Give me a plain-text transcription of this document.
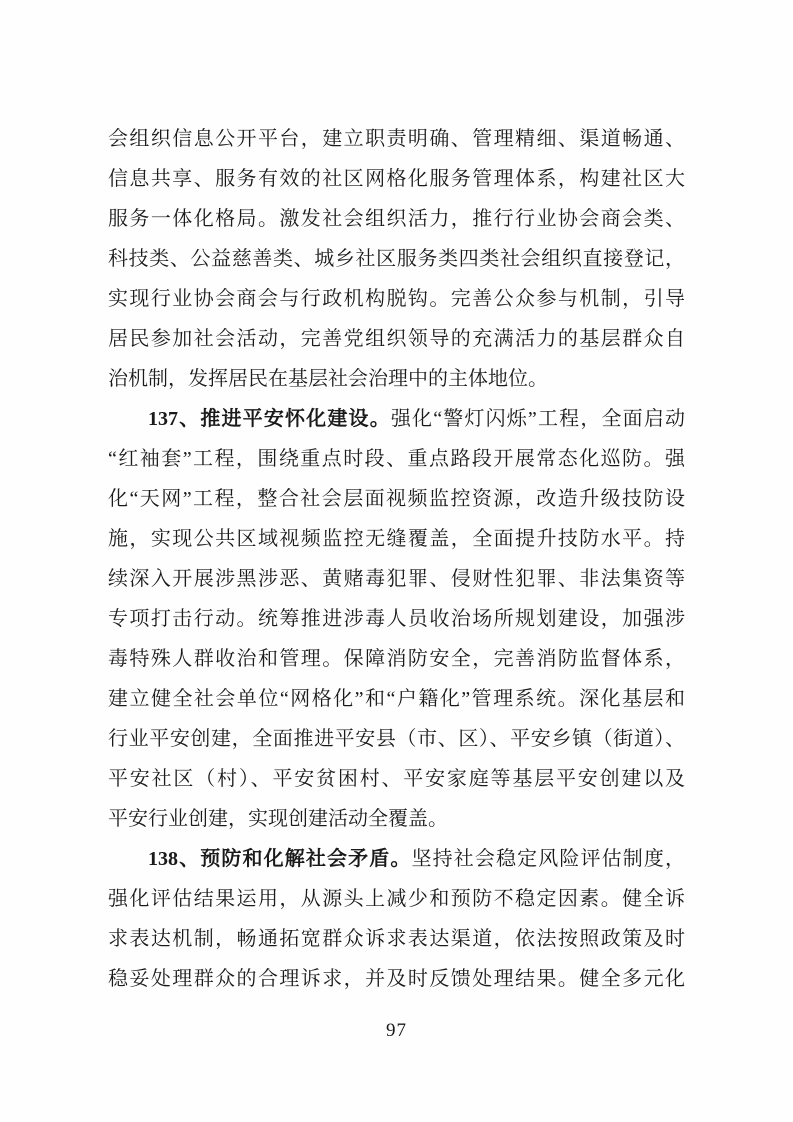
会组织信息公开平台，建立职责明确、管理精细、渠道畅通、
信息共享、服务有效的社区网格化服务管理体系，构建社区大
服务一体化格局。激发社会组织活力，推行行业协会商会类、
科技类、公益慈善类、城乡社区服务类四类社会组织直接登记，
实现行业协会商会与行政机构脱钩。完善公众参与机制，引导
居民参加社会活动，完善党组织领导的充满活力的基层群众自
治机制，发挥居民在基层社会治理中的主体地位。
137、推进平安怀化建设。强化“警灯闪烁”工程，全面启动
“红袖套”工程，围绕重点时段、重点路段开展常态化巡防。强
化“天网”工程，整合社会层面视频监控资源，改造升级技防设
施，实现公共区域视频监控无缝覆盖，全面提升技防水平。持
续深入开展涉黑涉恶、黄赌毒犯罪、侵财性犯罪、非法集资等
专项打击行动。统筹推进涉毒人员收治场所规划建设，加强涉
毒特殊人群收治和管理。保障消防安全，完善消防监督体系，
建立健全社会单位“网格化”和“户籍化”管理系统。深化基层和
行业平安创建，全面推进平安县（市、区）、平安乡镇（街道）、
平安社区（村）、平安贫困村、平安家庭等基层平安创建以及
平安行业创建，实现创建活动全覆盖。
138、预防和化解社会矛盾。坚持社会稳定风险评估制度，
强化评估结果运用，从源头上减少和预防不稳定因素。健全诉
求表达机制，畅通拓宽群众诉求表达渠道，依法按照政策及时
稳妥处理群众的合理诉求，并及时反馈处理结果。健全多元化
97
